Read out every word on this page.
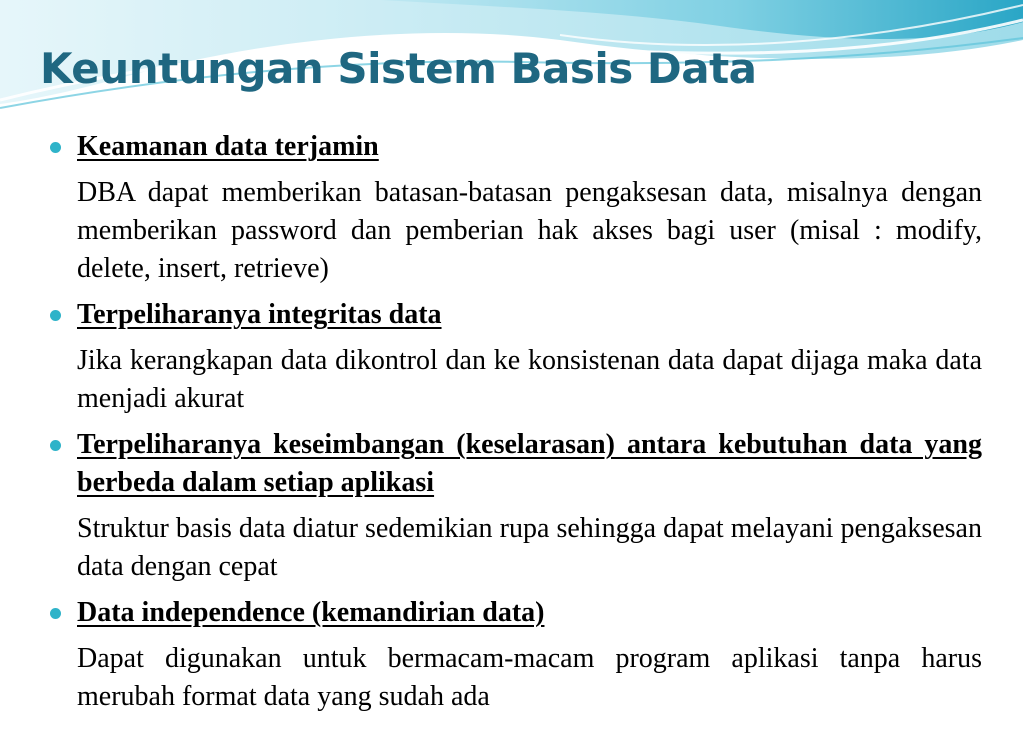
Keuntungan Sistem Basis Data
Keamanan data terjamin

DBA dapat memberikan batasan-batasan pengaksesan data, misalnya dengan memberikan password dan pemberian hak akses bagi user (misal : modify, delete, insert, retrieve)

Terpeliharanya integritas data

Jika kerangkapan data dikontrol dan ke konsistenan data dapat dijaga maka data menjadi akurat

Terpeliharanya keseimbangan (keselarasan) antara kebutuhan data yang berbeda dalam setiap aplikasi

Struktur basis data diatur sedemikian rupa sehingga dapat melayani pengaksesan data dengan cepat

Data independence (kemandirian data)

Dapat digunakan untuk bermacam-macam program aplikasi tanpa harus merubah format data yang sudah ada
